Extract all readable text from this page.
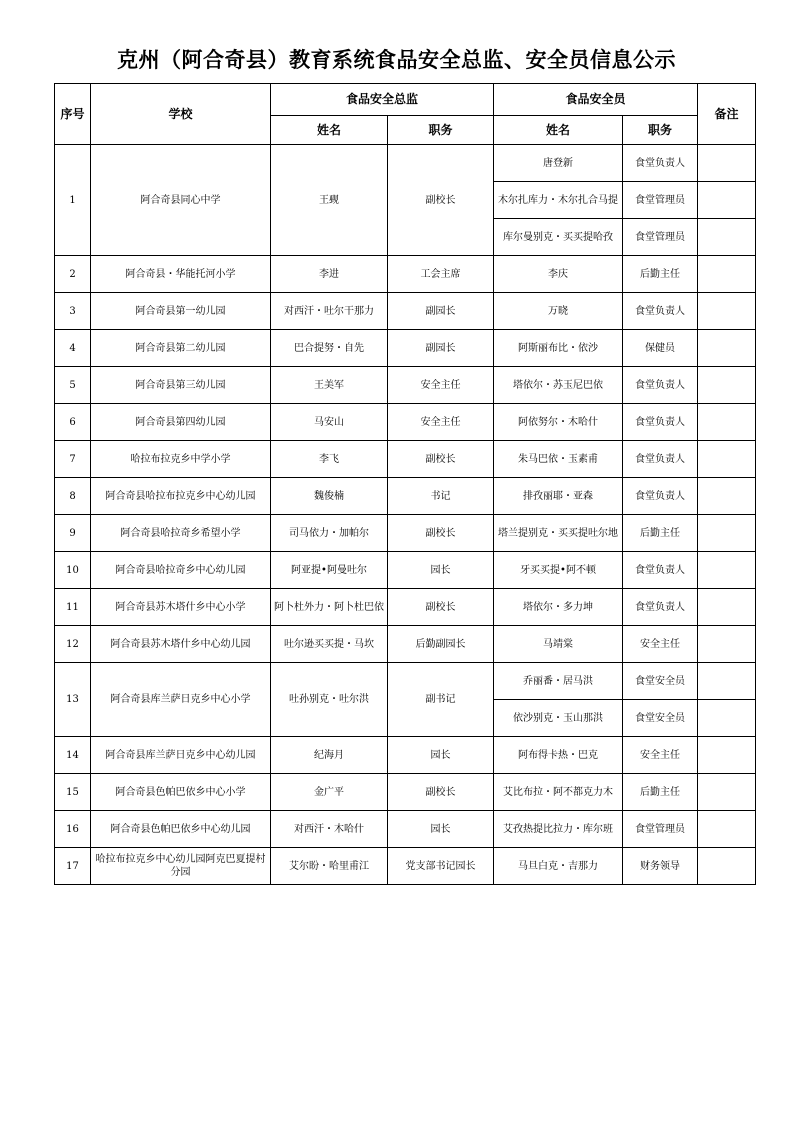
克州（阿合奇县）教育系统食品安全总监、安全员信息公示
序号	学校	食品安全总监		食品安全员		备注
		姓名	职务	姓名	职务	
1	阿合奇县同心中学	王觋	副校长	唐登新	食堂负责人	
				木尔扎库力・木尔扎合马提	食堂管理员	
				库尔曼别克・买买提哈孜	食堂管理员	
2	阿合奇县・华能托河小学	李进	工会主席	李庆	后勤主任	
3	阿合奇县第一幼儿园	对西汗・吐尔干那力	副园长	万晓	食堂负责人	
4	阿合奇县第二幼儿园	巴合提努・自先	副园长	阿斯丽布比・依沙	保健员	
5	阿合奇县第三幼儿园	王美军	安全主任	塔依尔・苏玉尼巴依	食堂负责人	
6	阿合奇县第四幼儿园	马安山	安全主任	阿依努尔・木哈什	食堂负责人	
7	哈拉布拉克乡中学小学	李飞	副校长	朱马巴依・玉素甫	食堂负责人	
8	阿合奇县哈拉布拉克乡中心幼儿园	魏俊楠	书记	排孜丽耶・亚森	食堂负责人	
9	阿合奇县哈拉奇乡希望小学	司马依力・加帕尔	副校长	塔兰提别克・买买提吐尔地	后勤主任	
10	阿合奇县哈拉奇乡中心幼儿园	阿亚提•阿曼吐尔	园长	牙买买提•阿不顿	食堂负责人	
11	阿合奇县苏木塔什乡中心小学	阿卜杜外力・阿卜杜巴依	副校长	塔依尔・多力坤	食堂负责人	
12	阿合奇县苏木塔什乡中心幼儿园	吐尔逊买买提・马坎	后勤副园长	马靖棠	安全主任	
13	阿合奇县库兰萨日克乡中心小学	吐孙别克・吐尔洪	副书记	乔丽番・居马洪	食堂安全员	
				依沙别克・玉山那洪	食堂安全员	
14	阿合奇县库兰萨日克乡中心幼儿园	纪海月	园长	阿布得卡热・巴克	安全主任	
15	阿合奇县色帕巴依乡中心小学	金广平	副校长	艾比布拉・阿不都克力木	后勤主任	
16	阿合奇县色帕巴依乡中心幼儿园	对西汗・木哈什	园长	艾孜热提比拉力・库尔班	食堂管理员	
17	哈拉布拉克乡中心幼儿园阿克巴夏提村分园	艾尔盼・哈里甫江	党支部书记园长	马旦白克・吉那力	财务领导	
